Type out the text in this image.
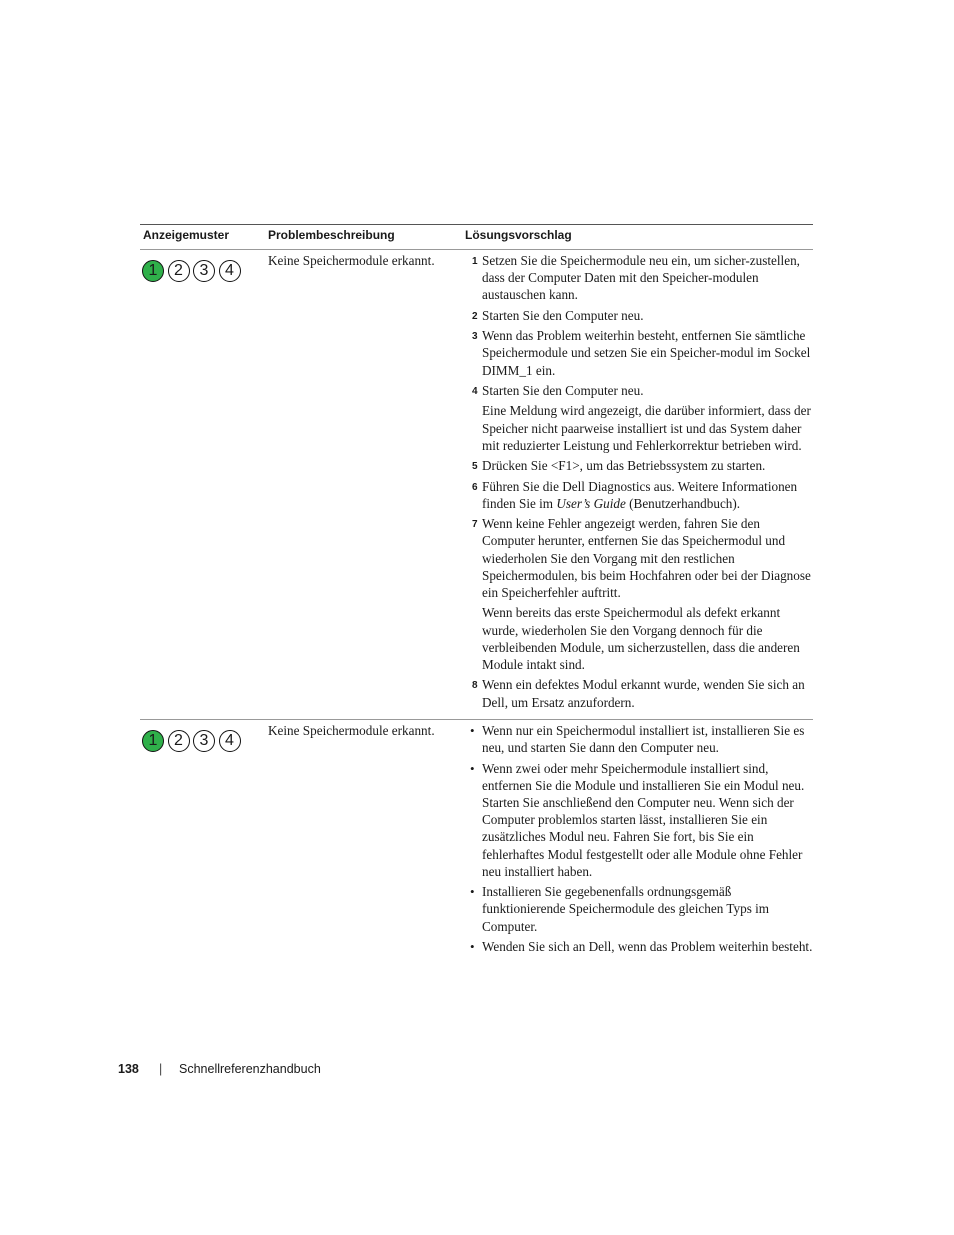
Anzeigemuster	Problembeschreibung	Lösungsvorschlag
1	2	3	4
Keine Speichermodule erkannt.	1 Setzen Sie die Speichermodule neu ein, um sicher-zustellen, dass der Computer Daten mit den Speicher-modulen austauschen kann.
2 Starten Sie den Computer neu.
3 Wenn das Problem weiterhin besteht, entfernen Sie sämtliche Speichermodule und setzen Sie ein Speicher-modul im Sockel DIMM_1 ein.
4 Starten Sie den Computer neu.
Eine Meldung wird angezeigt, die darüber informiert, dass der Speicher nicht paarweise installiert ist und das System daher mit reduzierter Leistung und Fehlerkorrektur betrieben wird.
5 Drücken Sie <F1>, um das Betriebssystem zu starten.
6 Führen Sie die Dell Diagnostics aus. Weitere Informationen finden Sie im User’s Guide (Benutzerhandbuch).
7 Wenn keine Fehler angezeigt werden, fahren Sie den Computer herunter, entfernen Sie das Speichermodul und wiederholen Sie den Vorgang mit den restlichen Speichermodulen, bis beim Hochfahren oder bei der Diagnose ein Speicherfehler auftritt.
Wenn bereits das erste Speichermodul als defekt erkannt wurde, wiederholen Sie den Vorgang dennoch für die verbleibenden Module, um sicherzustellen, dass die anderen Module intakt sind.
8 Wenn ein defektes Modul erkannt wurde, wenden Sie sich an Dell, um Ersatz anzufordern.
1	2	3	4
Keine Speichermodule erkannt.	• Wenn nur ein Speichermodul installiert ist, installieren Sie es neu, und starten Sie dann den Computer neu.
• Wenn zwei oder mehr Speichermodule installiert sind, entfernen Sie die Module und installieren Sie ein Modul neu. Starten Sie anschließend den Computer neu. Wenn sich der Computer problemlos starten lässt, installieren Sie ein zusätzliches Modul neu. Fahren Sie fort, bis Sie ein fehlerhaftes Modul festgestellt oder alle Module ohne Fehler neu installiert haben.
• Installieren Sie gegebenenfalls ordnungsgemäß funktionierende Speichermodule des gleichen Typs im Computer.
• Wenden Sie sich an Dell, wenn das Problem weiterhin besteht.
138 | Schnellreferenzhandbuch
